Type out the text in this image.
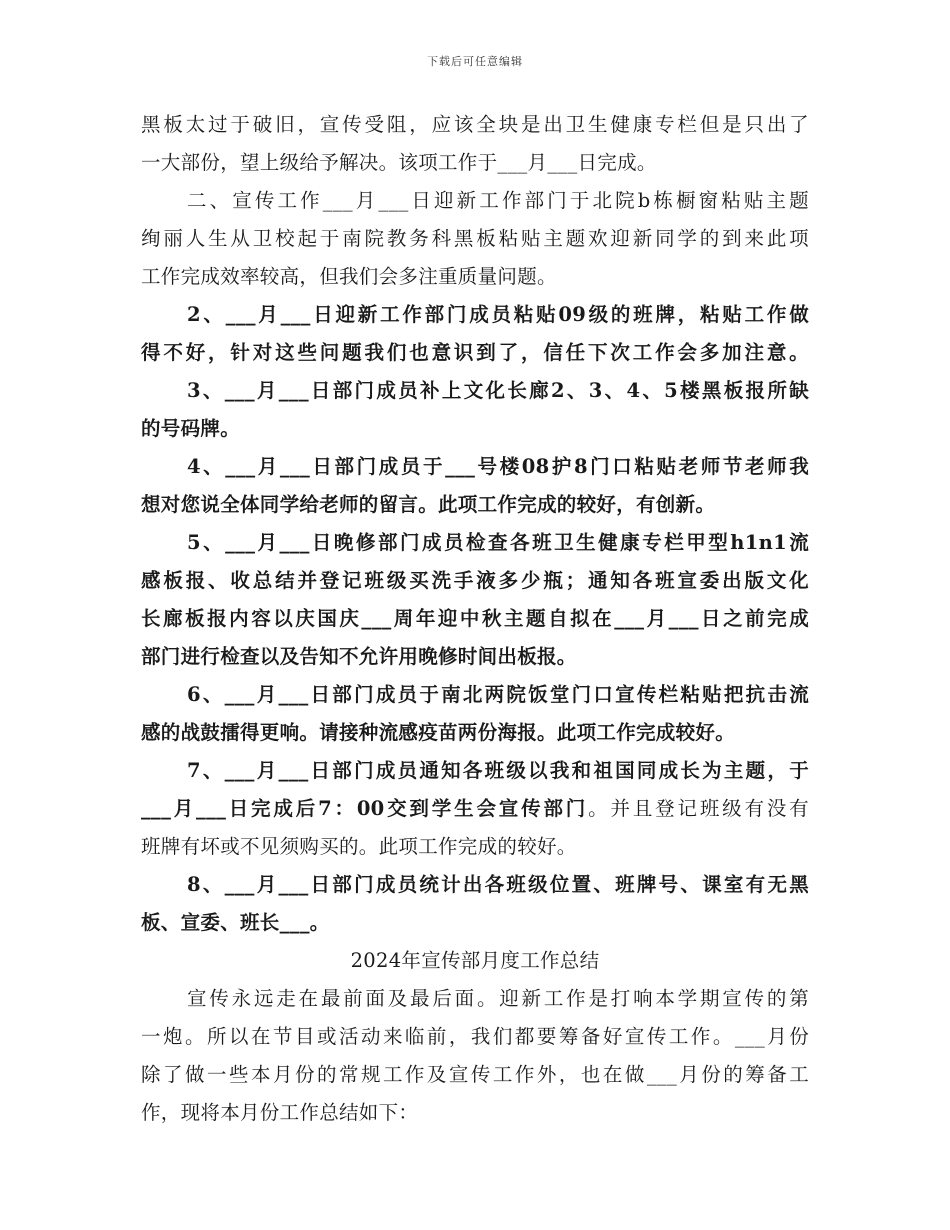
下载后可任意编辑
黑板太过于破旧，宣传受阻，应该全块是出卫生健康专栏但是只出了
一大部份，望上级给予解决。该项工作于___月___日完成。
二、宣传工作___月___日迎新工作部门于北院b栋橱窗粘贴主题
绚丽人生从卫校起于南院教务科黑板粘贴主题欢迎新同学的到来此项
工作完成效率较高，但我们会多注重质量问题。
2、___月___日迎新工作部门成员粘贴09级的班牌，粘贴工作做
得不好，针对这些问题我们也意识到了，信任下次工作会多加注意。
3、___月___日部门成员补上文化长廊2、3、4、5楼黑板报所缺
的号码牌。
4、___月___日部门成员于___号楼08护8门口粘贴老师节老师我
想对您说全体同学给老师的留言。此项工作完成的较好，有创新。
5、___月___日晚修部门成员检查各班卫生健康专栏甲型h1n1流
感板报、收总结并登记班级买洗手液多少瓶；通知各班宣委出版文化
长廊板报内容以庆国庆___周年迎中秋主题自拟在___月___日之前完成
部门进行检查以及告知不允许用晚修时间出板报。
6、___月___日部门成员于南北两院饭堂门口宣传栏粘贴把抗击流
感的战鼓擂得更响。请接种流感疫苗两份海报。此项工作完成较好。
7、___月___日部门成员通知各班级以我和祖国同成长为主题，于
___月___日完成后7：00交到学生会宣传部门。并且登记班级有没有
班牌有坏或不见须购买的。此项工作完成的较好。
8、___月___日部门成员统计出各班级位置、班牌号、课室有无黑
板、宣委、班长___。
2024年宣传部月度工作总结
宣传永远走在最前面及最后面。迎新工作是打响本学期宣传的第
一炮。所以在节目或活动来临前，我们都要筹备好宣传工作。___月份
除了做一些本月份的常规工作及宣传工作外，也在做___月份的筹备工
作，现将本月份工作总结如下：
